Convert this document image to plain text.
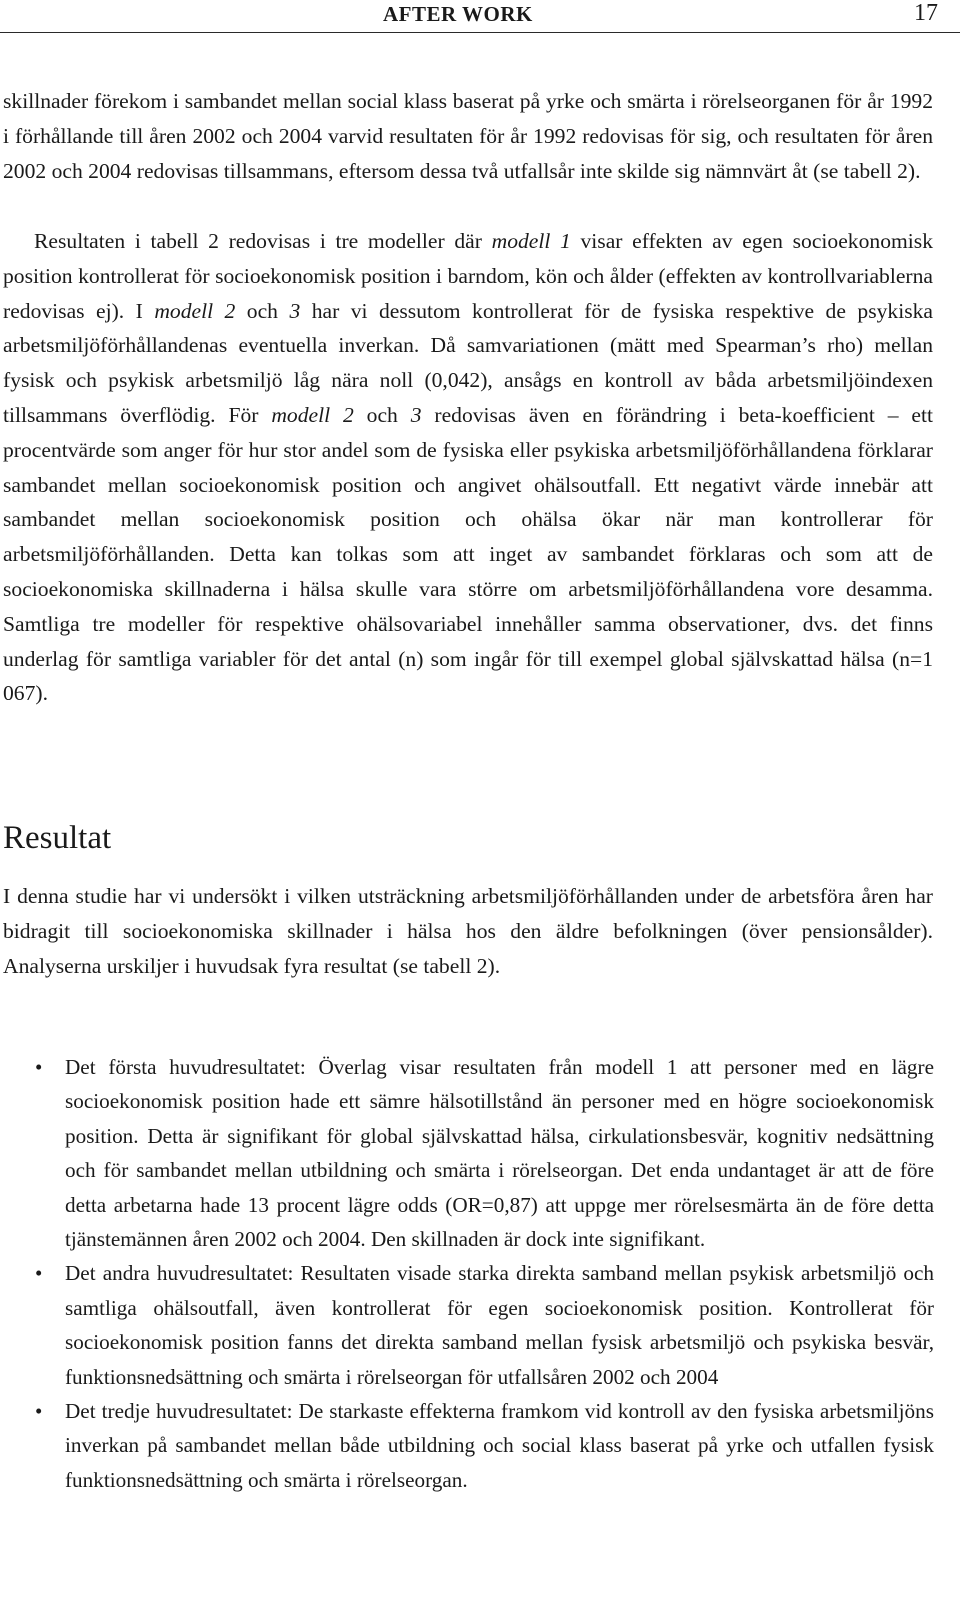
AFTER WORK	17

skillnader förekom i sambandet mellan social klass baserat på yrke och smärta i rörelseorganen för år 1992 i förhållande till åren 2002 och 2004 varvid resultaten för år 1992 redovisas för sig, och resultaten för åren 2002 och 2004 redovisas tillsammans, eftersom dessa två utfallsår inte skilde sig nämnvärt åt (se tabell 2).

Resultaten i tabell 2 redovisas i tre modeller där modell 1 visar effekten av egen socioekonomisk position kontrollerat för socioekonomisk position i barndom, kön och ålder (effekten av kontrollvariablerna redovisas ej). I modell 2 och 3 har vi dessutom kontrollerat för de fysiska respektive de psykiska arbetsmiljöförhållandenas eventuella inverkan. Då samvariationen (mätt med Spearman’s rho) mellan fysisk och psykisk arbetsmiljö låg nära noll (0,042), ansågs en kontroll av båda arbetsmiljöindexen tillsammans överflödig. För modell 2 och 3 redovisas även en förändring i beta-koefficient – ett procentvärde som anger för hur stor andel som de fysiska eller psykiska arbetsmiljöförhållandena förklarar sambandet mellan socioekonomisk position och angivet ohälsoutfall. Ett negativt värde innebär att sambandet mellan socioekonomisk position och ohälsa ökar när man kontrollerar för arbetsmiljöförhållanden. Detta kan tolkas som att inget av sambandet förklaras och som att de socioekonomiska skillnaderna i hälsa skulle vara större om arbetsmiljöförhållandena vore desamma. Samtliga tre modeller för respektive ohälsovariabel innehåller samma observationer, dvs. det finns underlag för samtliga variabler för det antal (n) som ingår för till exempel global självskattad hälsa (n=1 067).

Resultat

I denna studie har vi undersökt i vilken utsträckning arbetsmiljöförhållanden under de arbetsföra åren har bidragit till socioekonomiska skillnader i hälsa hos den äldre befolkningen (över pensionsålder). Analyserna urskiljer i huvudsak fyra resultat (se tabell 2).

• Det första huvudresultatet: Överlag visar resultaten från modell 1 att personer med en lägre socioekonomisk position hade ett sämre hälsotillstånd än personer med en högre socioekonomisk position. Detta är signifikant för global självskattad hälsa, cirkulationsbesvär, kognitiv nedsättning och för sambandet mellan utbildning och smärta i rörelseorgan. Det enda undantaget är att de före detta arbetarna hade 13 procent lägre odds (OR=0,87) att uppge mer rörelsesmärta än de före detta tjänstemännen åren 2002 och 2004. Den skillnaden är dock inte signifikant.
• Det andra huvudresultatet: Resultaten visade starka direkta samband mellan psykisk arbetsmiljö och samtliga ohälsoutfall, även kontrollerat för egen socioekonomisk position. Kontrollerat för socioekonomisk position fanns det direkta samband mellan fysisk arbetsmiljö och psykiska besvär, funktionsnedsättning och smärta i rörelseorgan för utfallsåren 2002 och 2004
• Det tredje huvudresultatet: De starkaste effekterna framkom vid kontroll av den fysiska arbetsmiljöns inverkan på sambandet mellan både utbildning och social klass baserat på yrke och utfallen fysisk funktionsnedsättning och smärta i rörelseorgan.
